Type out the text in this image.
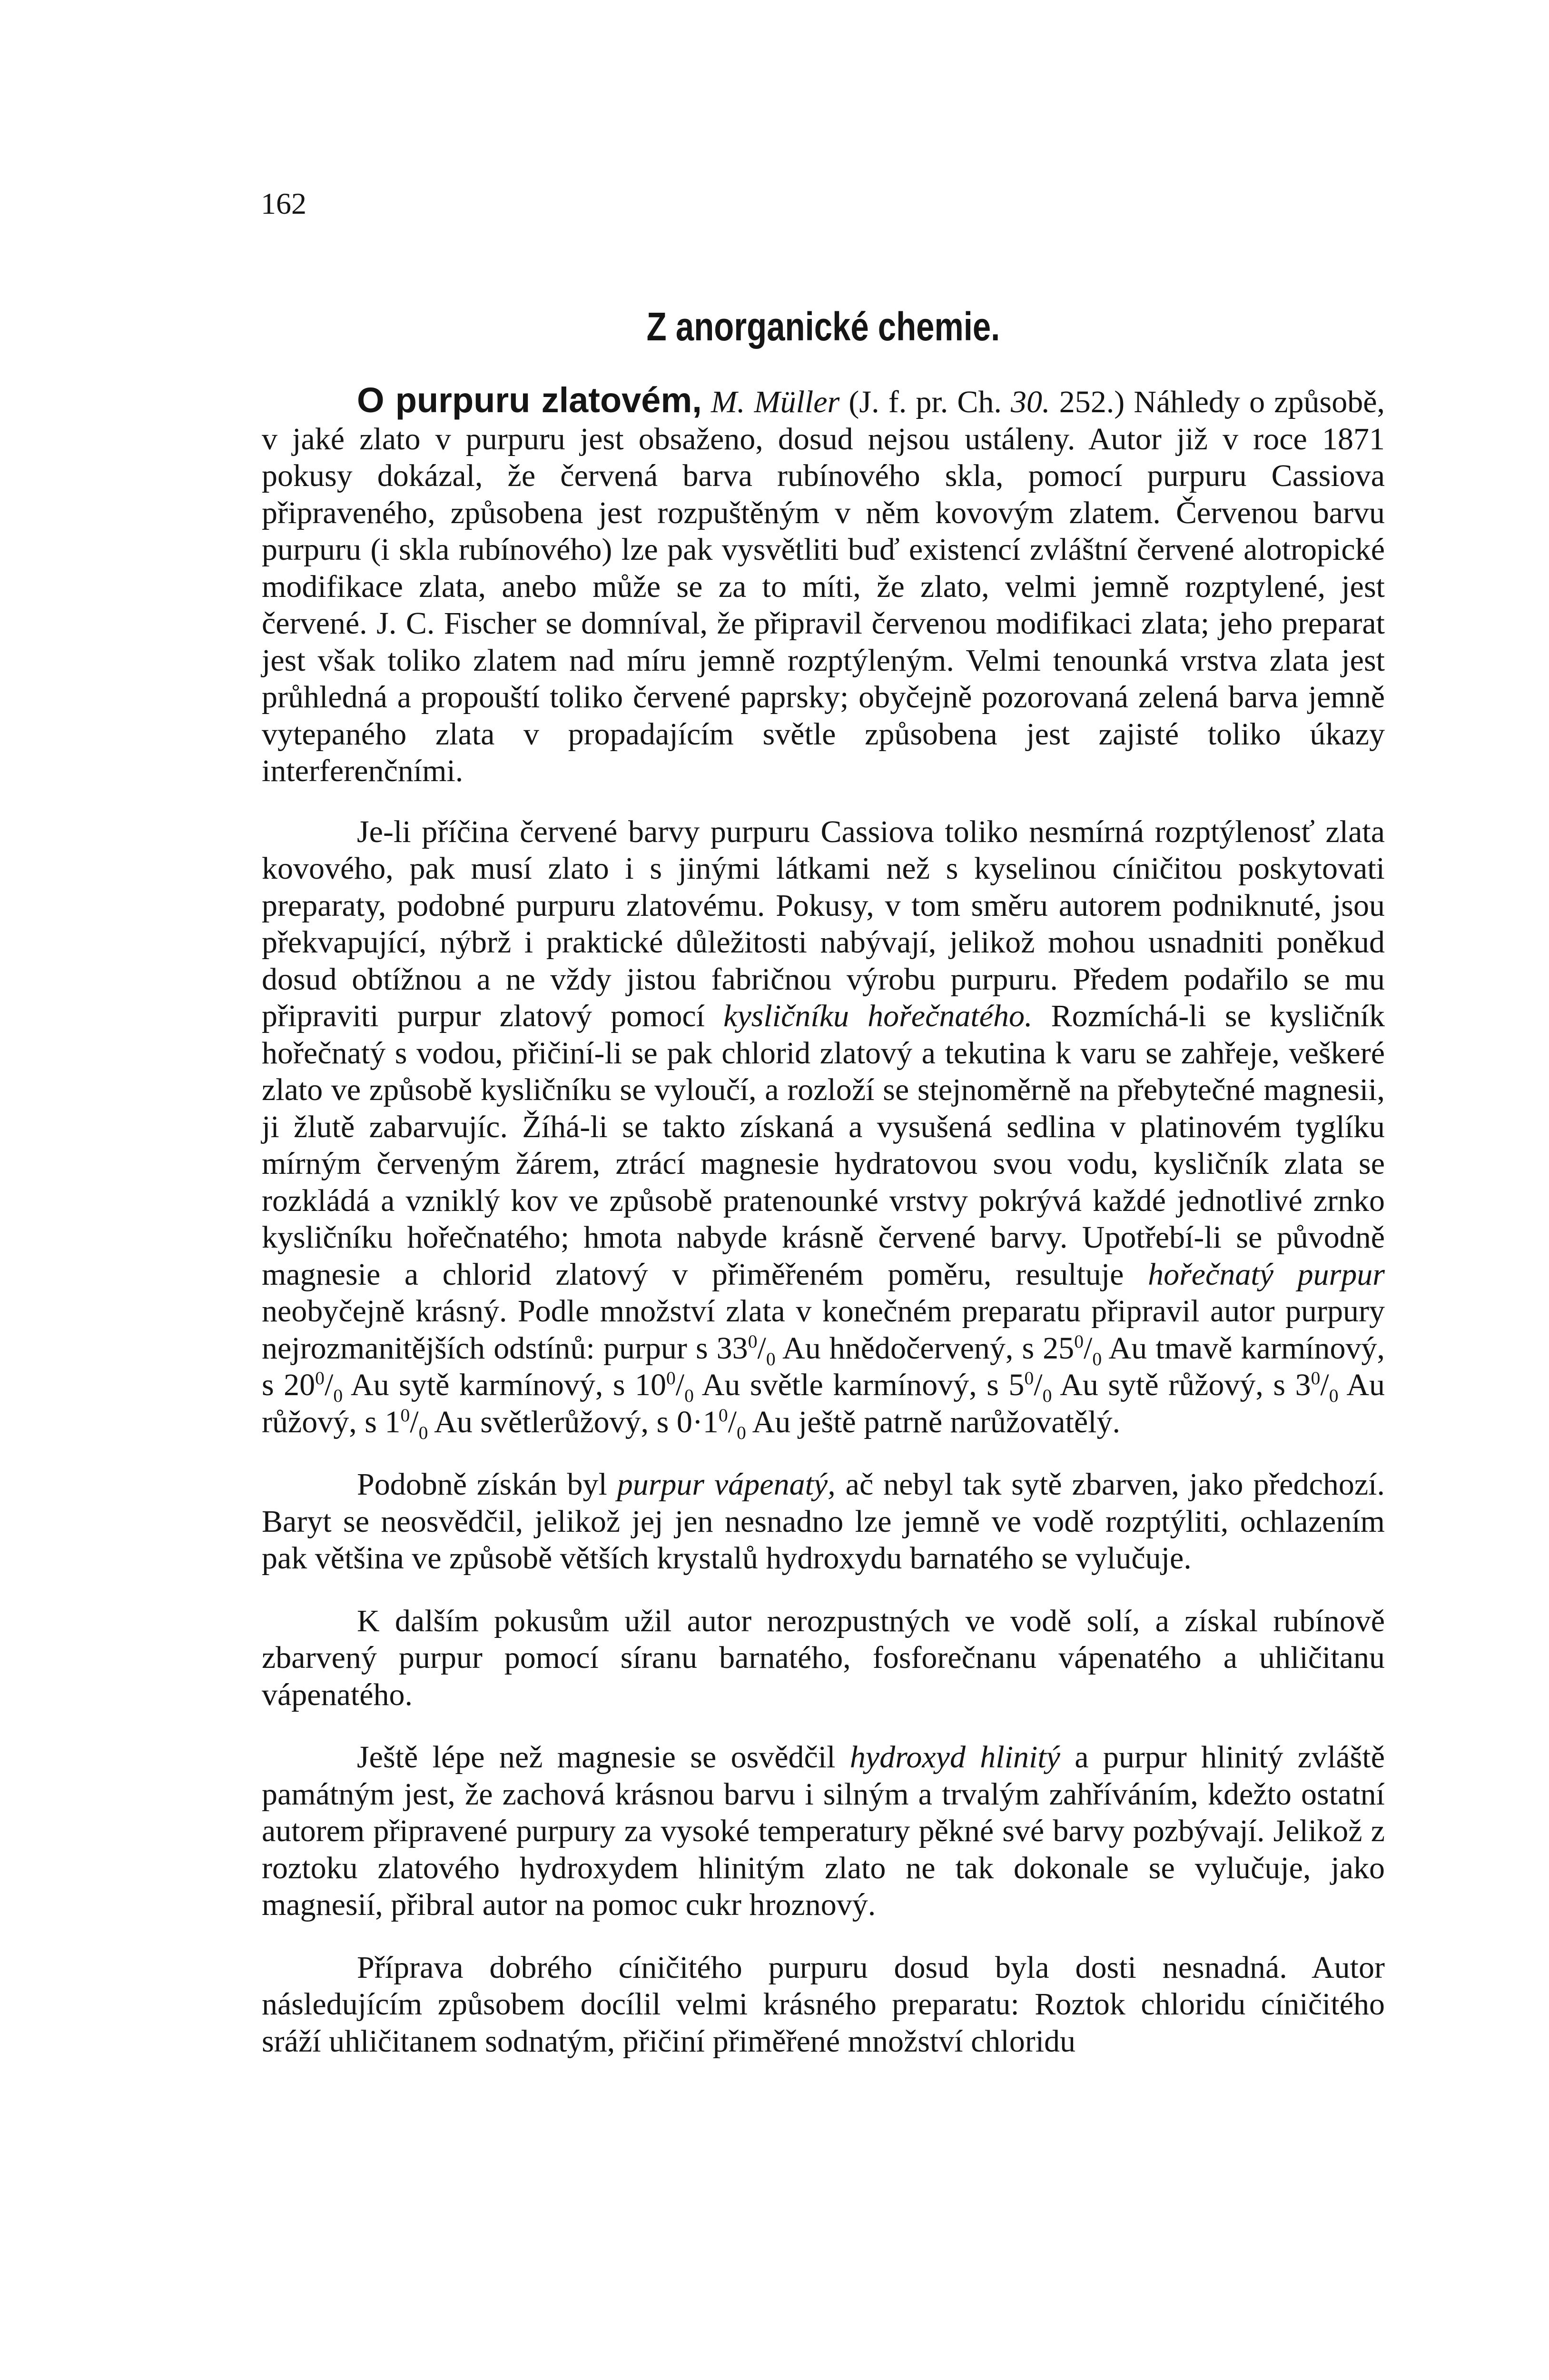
162
Z anorganické chemie.

O purpuru zlatovém, M. Müller (J. f. pr. Ch. 30. 252.) Náhledy o způsobě, v jaké zlato v purpuru jest obsaženo, dosud nejsou ustáleny. Autor již v roce 1871 pokusy dokázal, že červená barva rubínového skla, pomocí purpuru Cassiova připraveného, způsobena jest rozpuštěným v něm kovovým zlatem. Červenou barvu purpuru (i skla rubínového) lze pak vysvětliti buď existencí zvláštní červené alotropické modifikace zlata, anebo může se za to míti, že zlato, velmi jemně rozptylené, jest červené. J. C. Fischer se domníval, že připravil červenou modifikaci zlata; jeho preparat jest však toliko zlatem nad míru jemně rozptýleným. Velmi tenounká vrstva zlata jest průhledná a propouští toliko červené paprsky; obyčejně pozorovaná zelená barva jemně vytepaného zlata v propadajícím světle způsobena jest zajisté toliko úkazy interferenčními.

Je-li příčina červené barvy purpuru Cassiova toliko nesmírná rozptýlenosť zlata kovového, pak musí zlato i s jinými látkami než s kyselinou cíničitou poskytovati preparaty, podobné purpuru zlatovému. Pokusy, v tom směru autorem podniknuté, jsou překvapující, nýbrž i praktické důležitosti nabývají, jelikož mohou usnadniti poněkud dosud obtížnou a ne vždy jistou fabričnou výrobu purpuru. Předem podařilo se mu připraviti purpur zlatový pomocí kysličníku hořečnatého. Rozmíchá-li se kysličník hořečnatý s vodou, přičiní-li se pak chlorid zlatový a tekutina k varu se zahřeje, veškeré zlato ve způsobě kysličníku se vyloučí, a rozloží se stejnoměrně na přebytečné magnesii, ji žlutě zabarvujíc. Žíhá-li se takto získaná a vysušená sedlina v platinovém tyglíku mírným červeným žárem, ztrácí magnesie hydratovou svou vodu, kysličník zlata se rozkládá a vzniklý kov ve způsobě pratenounké vrstvy pokrývá každé jednotlivé zrnko kysličníku hořečnatého; hmota nabyde krásně červené barvy. Upotřebí-li se původně magnesie a chlorid zlatový v přiměřeném poměru, resultuje hořečnatý purpur neobyčejně krásný. Podle množství zlata v konečném preparatu připravil autor purpury nejrozmanitějších odstínů: purpur s $33^0/_0$ Au hnědočervený, s $25^0/_0$ Au tmavě karmínový, s $20^0/_0$ Au sytě karmínový, s $10^0/_0$ Au světle karmínový, s $5^0/_0$ Au sytě růžový, s $3^0/_0$ Au růžový, s $1^0/_0$ Au světlerůžový, s $0\cdot 1^0/_0$ Au ještě patrně narůžovatělý.

Podobně získán byl purpur vápenatý, ač nebyl tak sytě zbarven, jako předchozí. Baryt se neosvědčil, jelikož jej jen nesnadno lze jemně ve vodě rozptýliti, ochlazením pak většina ve způsobě větších krystalů hydroxydu barnatého se vylučuje.

K dalším pokusům užil autor nerozpustných ve vodě solí, a získal rubínově zbarvený purpur pomocí síranu barnatého, fosforečnanu vápenatého a uhličitanu vápenatého.

Ještě lépe než magnesie se osvědčil hydroxyd hlinitý a purpur hlinitý zvláště památným jest, že zachová krásnou barvu i silným a trvalým zahříváním, kdežto ostatní autorem připravené purpury za vysoké temperatury pěkné své barvy pozbývají. Jelikož z roztoku zlatového hydroxydem hlinitým zlato ne tak dokonale se vylučuje, jako magnesií, přibral autor na pomoc cukr hroznový.

Příprava dobrého cíničitého purpuru dosud byla dosti nesnadná. Autor následujícím způsobem docílil velmi krásného preparatu: Roztok chloridu cíničitého sráží uhličitanem sodnatým, přičiní přiměřené množství chloridu
